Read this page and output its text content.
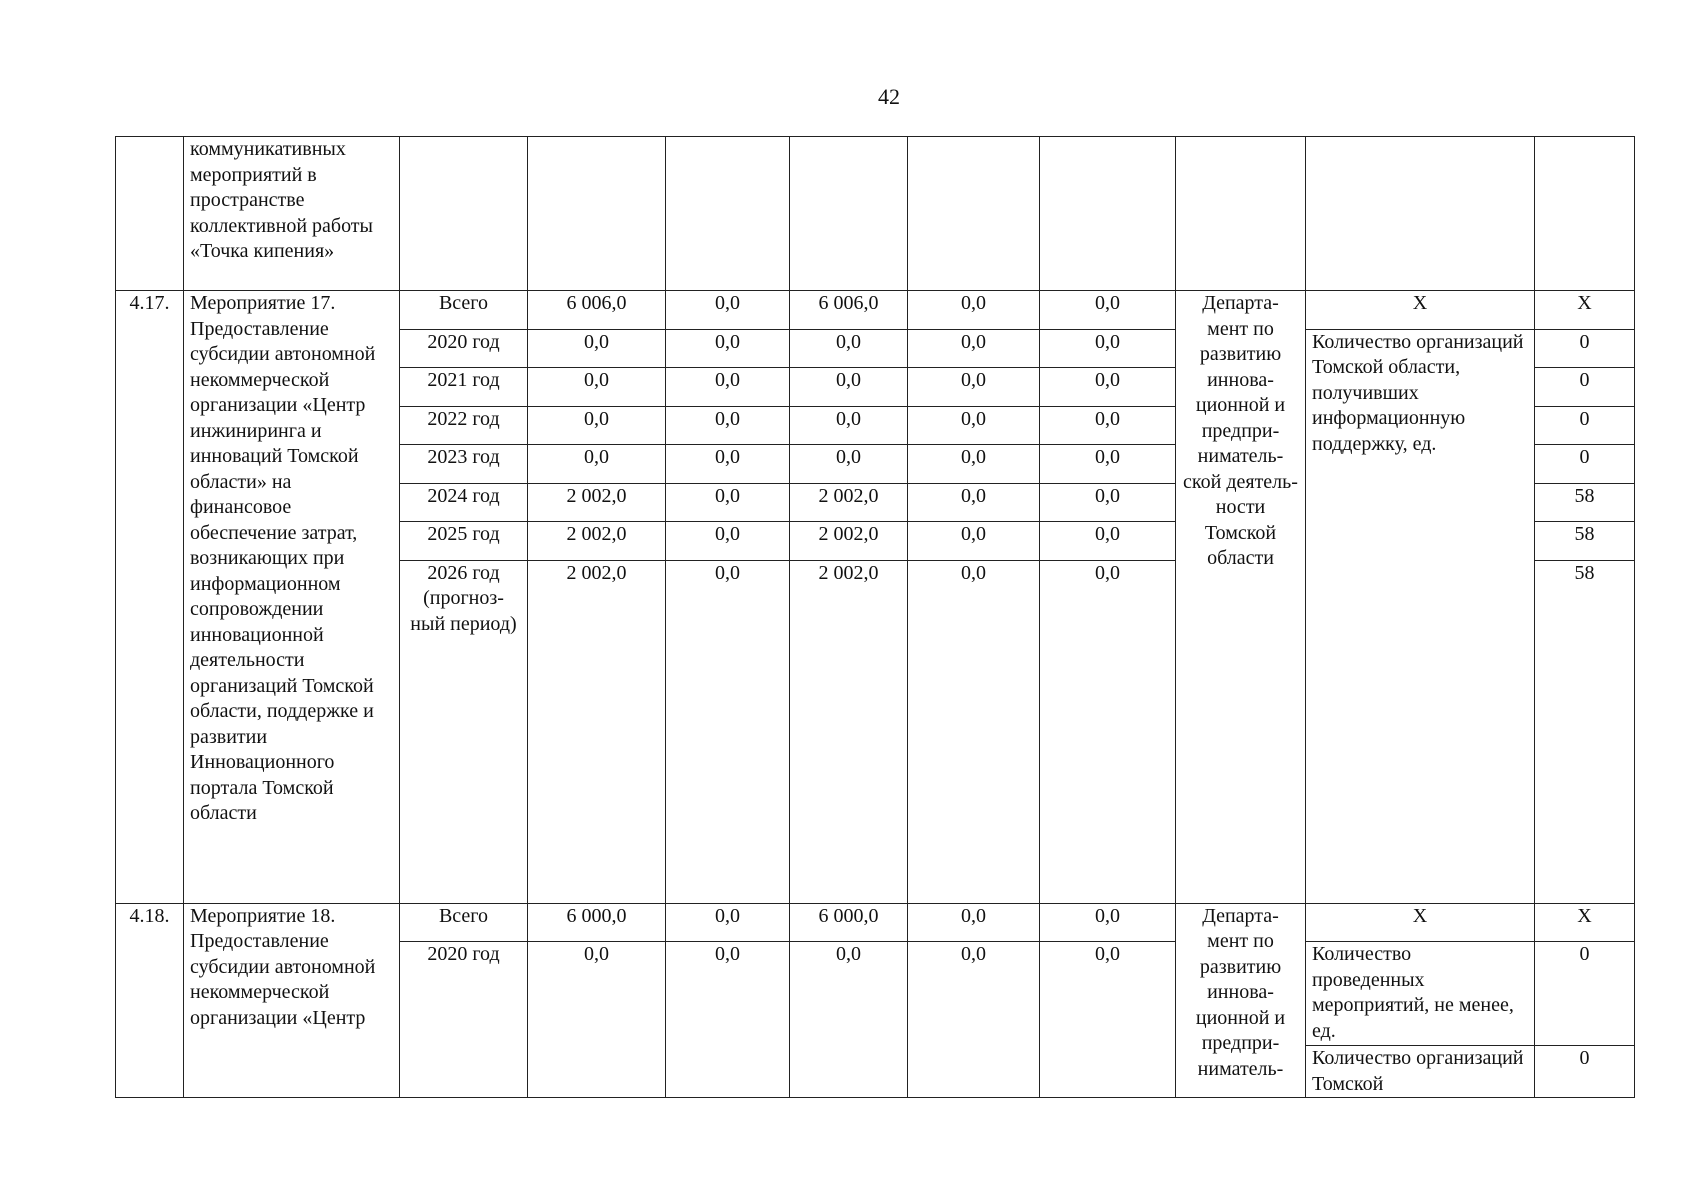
42
	коммуникативных мероприятий в пространстве коллективной работы «Точка кипения»									
4.17.	Мероприятие 17. Предоставление субсидии автономной некоммерческой организации «Центр инжиниринга и инноваций Томской области» на финансовое обеспечение затрат, возникающих при информационном сопровождении инновационной деятельности организаций Томской области, поддержке и развитии Инновационного портала Томской области	Всего	6 006,0	0,0	6 006,0	0,0	0,0	Департа-мент по развитию иннова-ционной и предпри-ниматель-ской деятель-ности Томской области	Х	Х
		2020 год	0,0	0,0	0,0	0,0	0,0		Количество организаций Томской области, получивших информационную поддержку, ед.	0
		2021 год	0,0	0,0	0,0	0,0	0,0			0
		2022 год	0,0	0,0	0,0	0,0	0,0			0
		2023 год	0,0	0,0	0,0	0,0	0,0			0
		2024 год	2 002,0	0,0	2 002,0	0,0	0,0			58
		2025 год	2 002,0	0,0	2 002,0	0,0	0,0			58
		2026 год (прогноз-ный период)	2 002,0	0,0	2 002,0	0,0	0,0			58
4.18.	Мероприятие 18. Предоставление субсидии автономной некоммерческой организации «Центр	Всего	6 000,0	0,0	6 000,0	0,0	0,0	Департа-мент по развитию иннова-ционной и предпри-ниматель-	Х	Х
		2020 год	0,0	0,0	0,0	0,0	0,0		Количество проведенных мероприятий, не менее, ед.	0
									Количество организаций Томской	0
